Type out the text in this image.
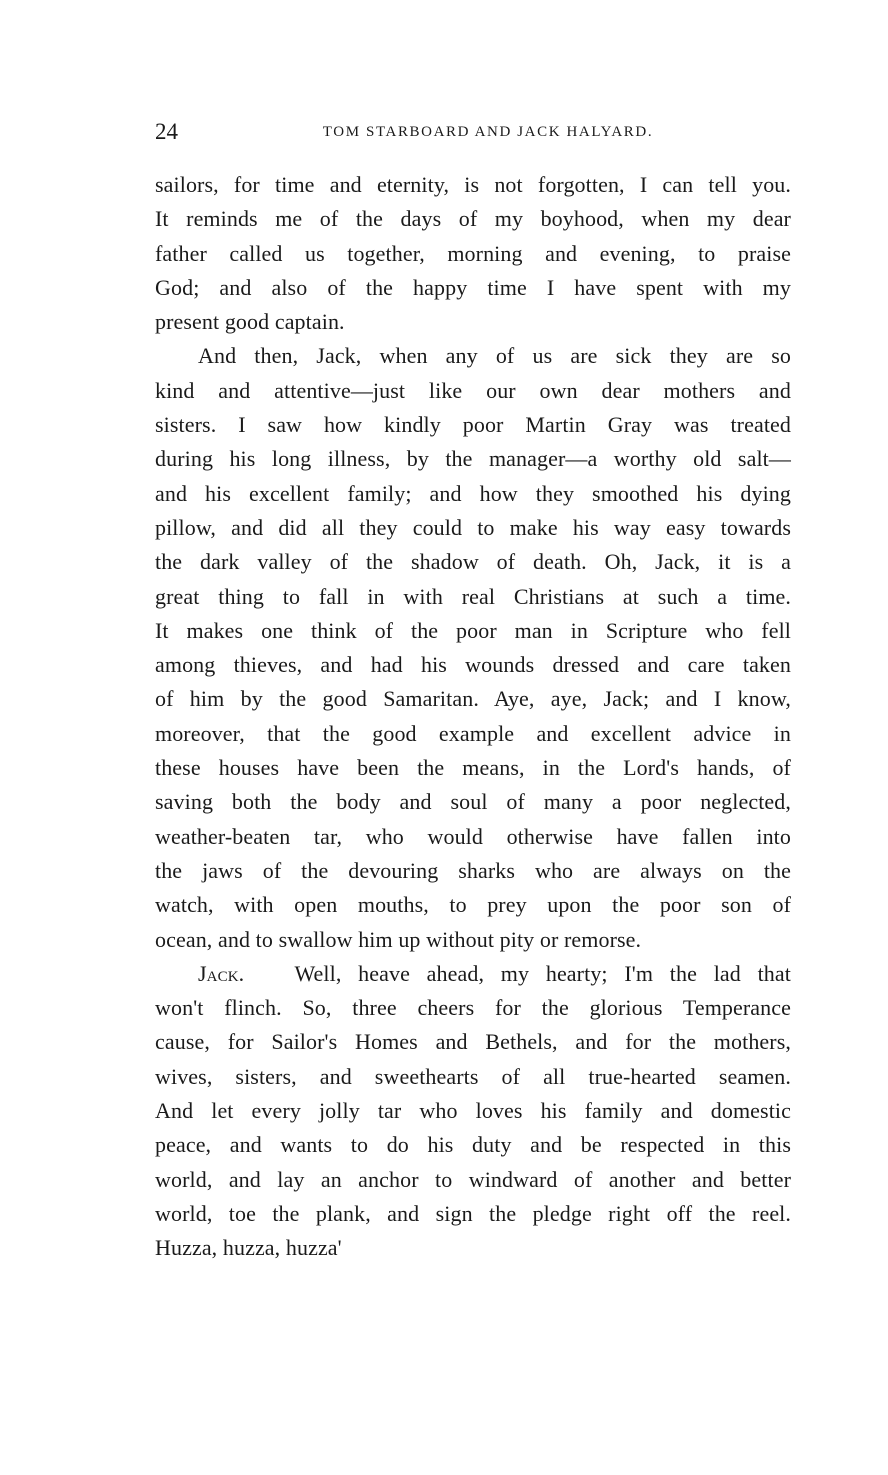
24	TOM STARBOARD AND JACK HALYARD.
sailors, for time and eternity, is not forgotten, I can tell you.
It reminds me of the days of my boyhood, when my dear
father called us together, morning and evening, to praise
God; and also of the happy time I have spent with my
present good captain.
And then, Jack, when any of us are sick they are so
kind and attentive—just like our own dear mothers and
sisters. I saw how kindly poor Martin Gray was treated
during his long illness, by the manager—a worthy old salt—
and his excellent family; and how they smoothed his dying
pillow, and did all they could to make his way easy towards
the dark valley of the shadow of death. Oh, Jack, it is a
great thing to fall in with real Christians at such a time.
It makes one think of the poor man in Scripture who fell
among thieves, and had his wounds dressed and care taken
of him by the good Samaritan. Aye, aye, Jack; and I know,
moreover, that the good example and excellent advice in
these houses have been the means, in the Lord's hands, of
saving both the body and soul of many a poor neglected,
weather-beaten tar, who would otherwise have fallen into
the jaws of the devouring sharks who are always on the
watch, with open mouths, to prey upon the poor son of
ocean, and to swallow him up without pity or remorse.
Jack. Well, heave ahead, my hearty; I'm the lad that
won't flinch. So, three cheers for the glorious Temperance
cause, for Sailor's Homes and Bethels, and for the mothers,
wives, sisters, and sweethearts of all true-hearted seamen.
And let every jolly tar who loves his family and domestic
peace, and wants to do his duty and be respected in this
world, and lay an anchor to windward of another and better
world, toe the plank, and sign the pledge right off the reel.
Huzza, huzza, huzza'
